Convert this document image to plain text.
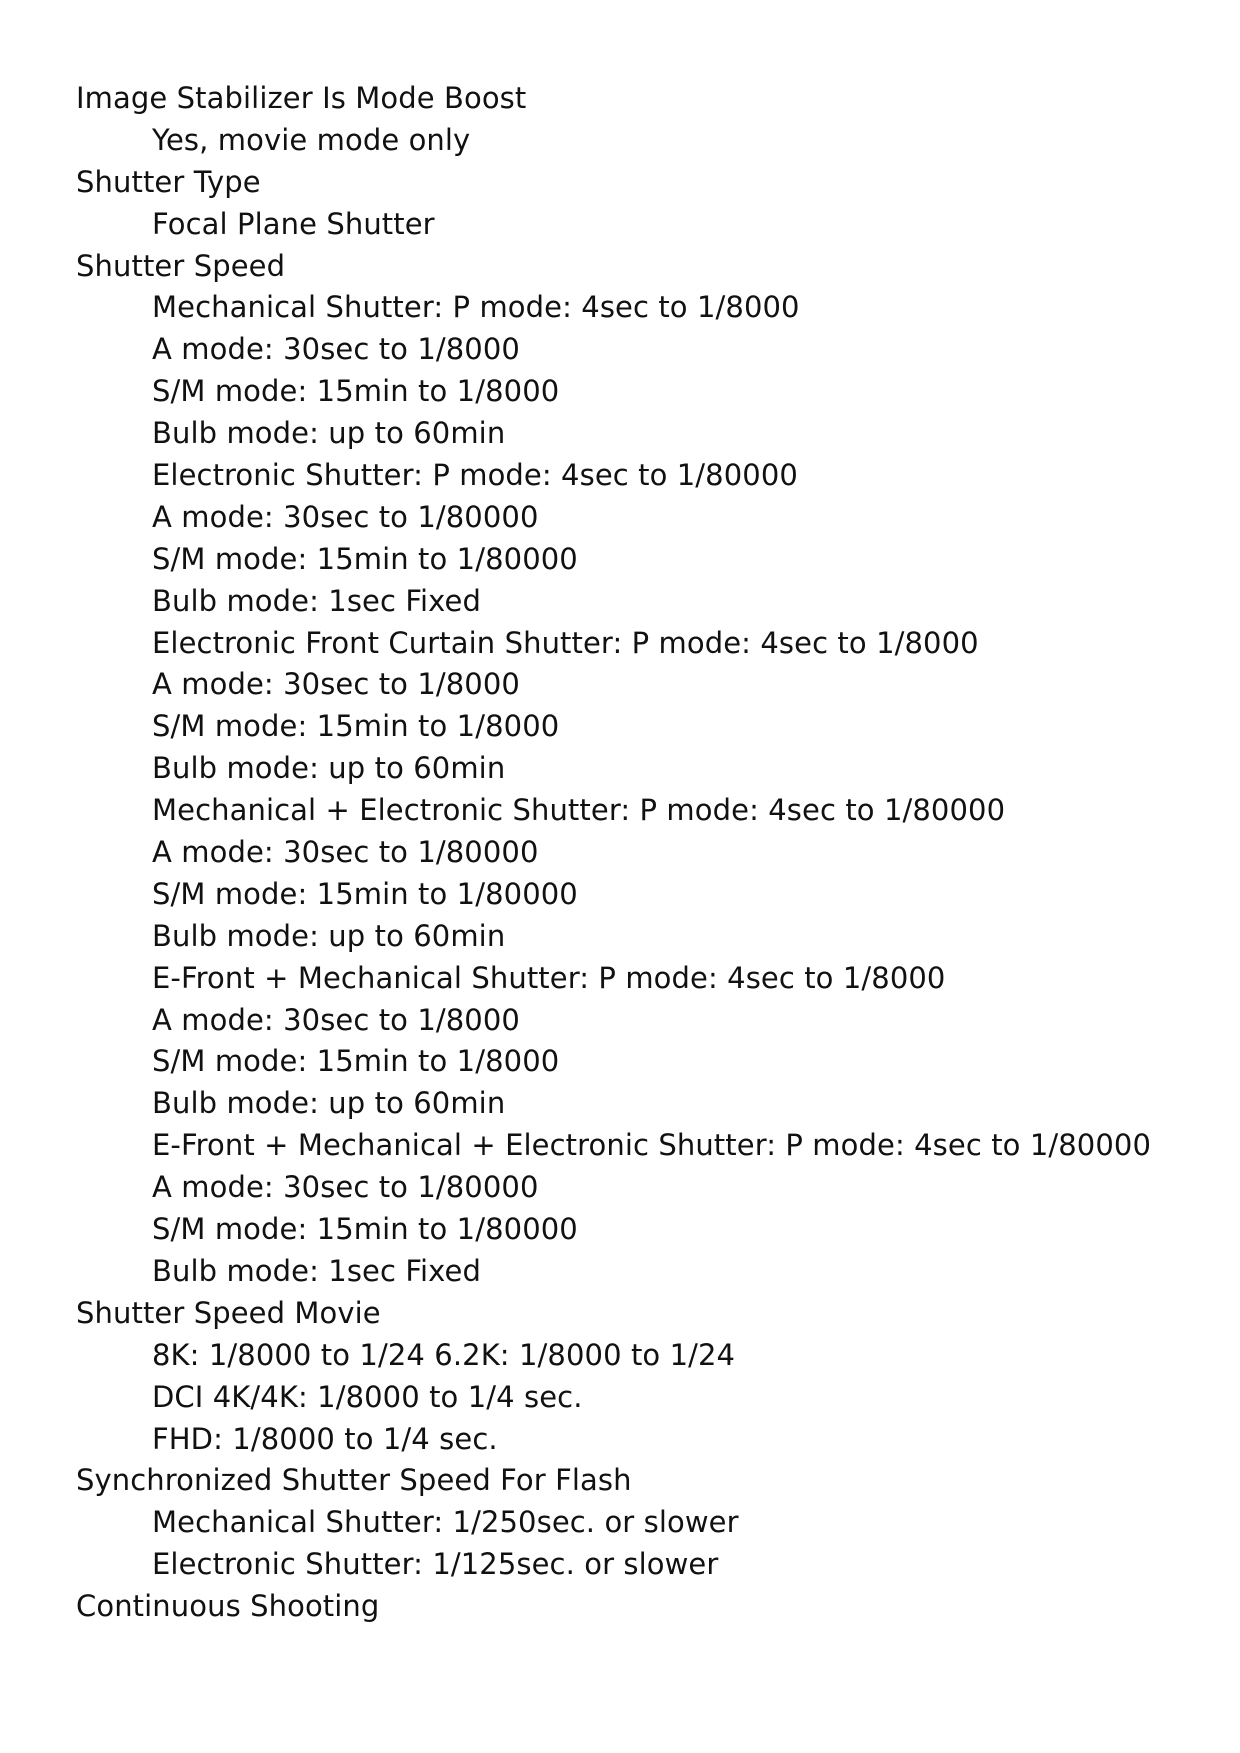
Image Stabilizer Is Mode Boost
Yes, movie mode only
Shutter Type
Focal Plane Shutter
Shutter Speed
Mechanical Shutter: P mode: 4sec to 1/8000
A mode: 30sec to 1/8000
S/M mode: 15min to 1/8000
Bulb mode: up to 60min
Electronic Shutter: P mode: 4sec to 1/80000
A mode: 30sec to 1/80000
S/M mode: 15min to 1/80000
Bulb mode: 1sec Fixed
Electronic Front Curtain Shutter: P mode: 4sec to 1/8000
A mode: 30sec to 1/8000
S/M mode: 15min to 1/8000
Bulb mode: up to 60min
Mechanical + Electronic Shutter: P mode: 4sec to 1/80000
A mode: 30sec to 1/80000
S/M mode: 15min to 1/80000
Bulb mode: up to 60min
E-Front + Mechanical Shutter: P mode: 4sec to 1/8000
A mode: 30sec to 1/8000
S/M mode: 15min to 1/8000
Bulb mode: up to 60min
E-Front + Mechanical + Electronic Shutter: P mode: 4sec to 1/80000
A mode: 30sec to 1/80000
S/M mode: 15min to 1/80000
Bulb mode: 1sec Fixed
Shutter Speed Movie
8K: 1/8000 to 1/24 6.2K: 1/8000 to 1/24
DCI 4K/4K: 1/8000 to 1/4 sec.
FHD: 1/8000 to 1/4 sec.
Synchronized Shutter Speed For Flash
Mechanical Shutter: 1/250sec. or slower
Electronic Shutter: 1/125sec. or slower
Continuous Shooting
